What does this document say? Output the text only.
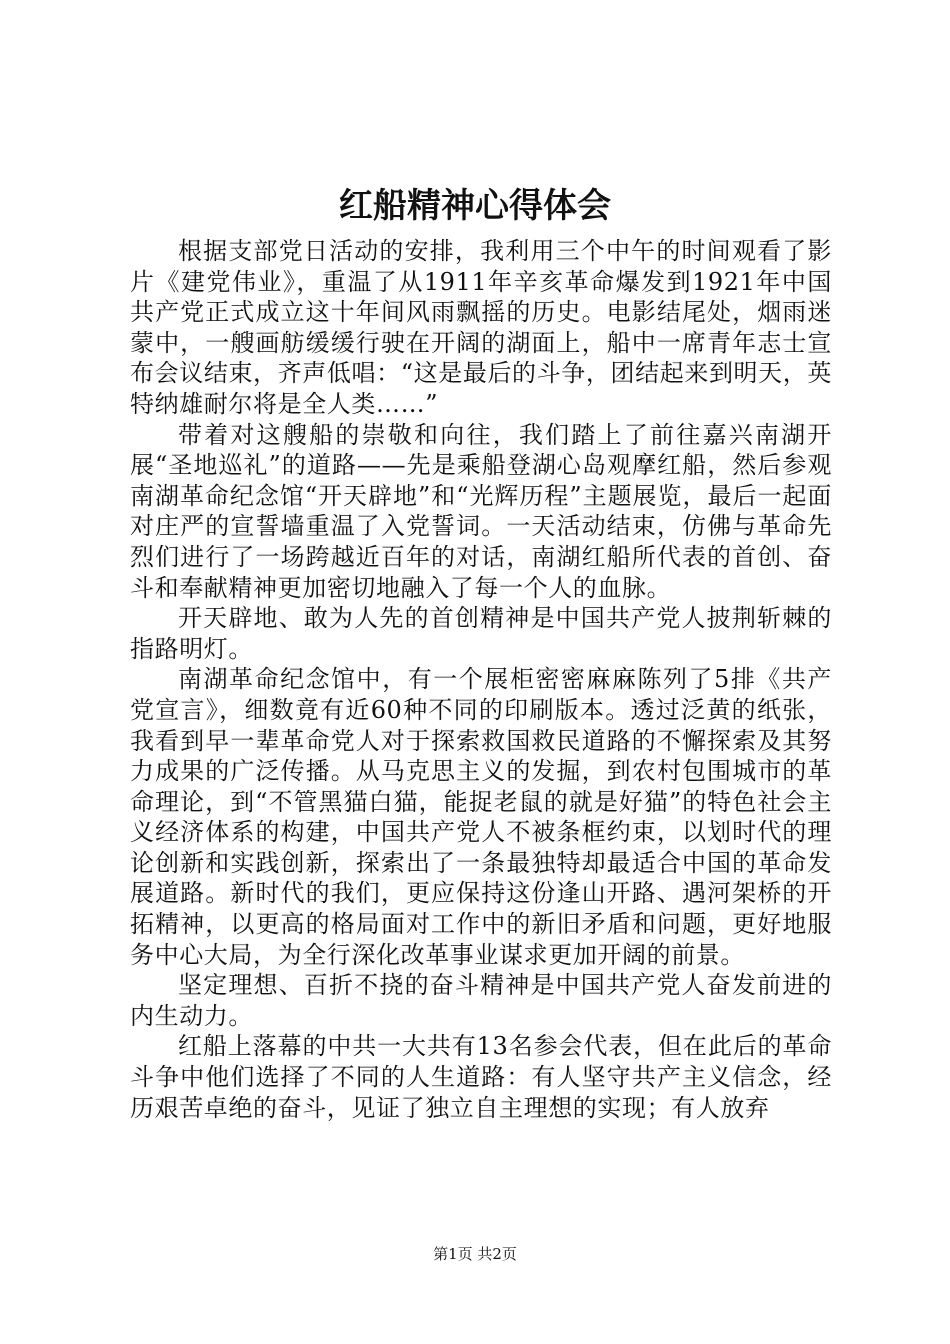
红船精神心得体会

根据支部党日活动的安排，我利用三个中午的时间观看了影片《建党伟业》，重温了从1911年辛亥革命爆发到1921年中国共产党正式成立这十年间风雨飘摇的历史。电影结尾处，烟雨迷蒙中，一艘画舫缓缓行驶在开阔的湖面上，船中一席青年志士宣布会议结束，齐声低唱：“这是最后的斗争，团结起来到明天，英特纳雄耐尔将是全人类……”

带着对这艘船的崇敬和向往，我们踏上了前往嘉兴南湖开展“圣地巡礼”的道路——先是乘船登湖心岛观摩红船，然后参观南湖革命纪念馆“开天辟地”和“光辉历程”主题展览，最后一起面对庄严的宣誓墙重温了入党誓词。一天活动结束，仿佛与革命先烈们进行了一场跨越近百年的对话，南湖红船所代表的首创、奋斗和奉献精神更加密切地融入了每一个人的血脉。

开天辟地、敢为人先的首创精神是中国共产党人披荆斩棘的指路明灯。

南湖革命纪念馆中，有一个展柜密密麻麻陈列了5排《共产党宣言》，细数竟有近60种不同的印刷版本。透过泛黄的纸张，我看到早一辈革命党人对于探索救国救民道路的不懈探索及其努力成果的广泛传播。从马克思主义的发掘，到农村包围城市的革命理论，到“不管黑猫白猫，能捉老鼠的就是好猫”的特色社会主义经济体系的构建，中国共产党人不被条框约束，以划时代的理论创新和实践创新，探索出了一条最独特却最适合中国的革命发展道路。新时代的我们，更应保持这份逢山开路、遇河架桥的开拓精神，以更高的格局面对工作中的新旧矛盾和问题，更好地服务中心大局，为全行深化改革事业谋求更加开阔的前景。

坚定理想、百折不挠的奋斗精神是中国共产党人奋发前进的内生动力。

红船上落幕的中共一大共有13名参会代表，但在此后的革命斗争中他们选择了不同的人生道路：有人坚守共产主义信念，经历艰苦卓绝的奋斗，见证了独立自主理想的实现；有人放弃

第1页 共2页
